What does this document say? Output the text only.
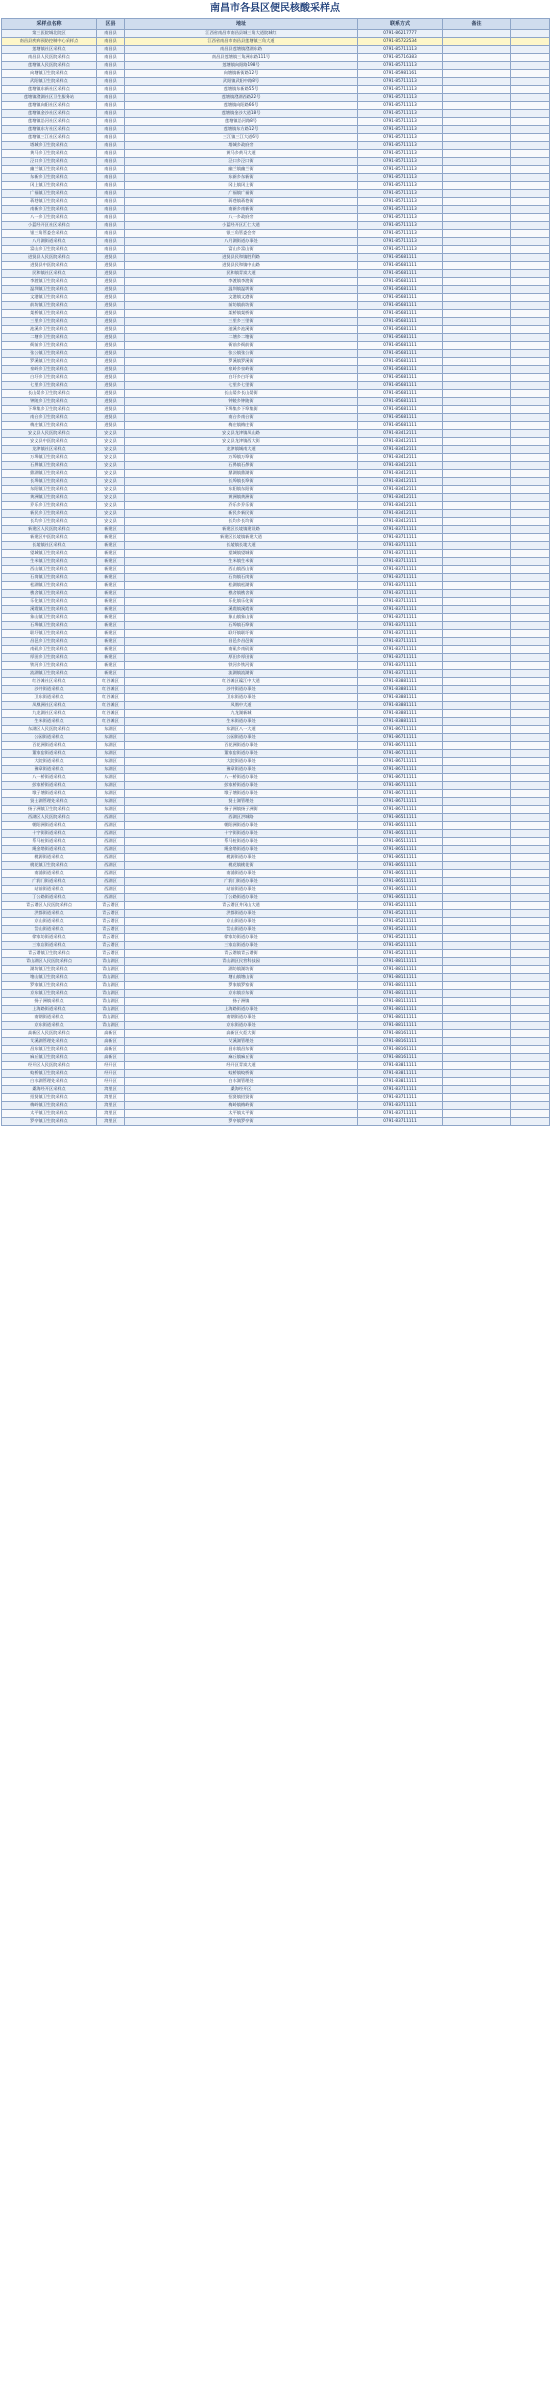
南昌市各县区便民核酸采样点
采样点名称	区县	地址	联系方式	备注	
第三医院城北院区	南昌县	江西省南昌市南昌县城三角大道院城红	0791-86217777		
南昌县疾病预防控制中心采样点	南昌县	江西省南昌市南昌县莲塘镇三角大道	0791-85722534		
莲塘镇社区采样点	南昌县	南昌县莲塘镇澄湖东路	0791-85711113		
南昌县人民医院采样点	南昌县	南昌县莲塘镇三角洲东路111号	0791-85716383		
莲塘镇人民医院采样点	南昌县	莲塘镇向阳路198号	0791-85711113		
向塘镇卫生院采样点	南昌县	向塘镇新街路12号	0791-85981161		
武阳镇卫生院采样点	南昌县	武阳镇武阳中路8号	0791-85711113		
莲塘镇东新社区采样点	南昌县	莲塘镇东新路55号	0791-85711113		
莲塘镇澄湖社区卫生服务站	南昌县	莲塘镇澄湖西路22号	0791-85711113		
莲塘镇向阳社区采样点	南昌县	莲塘镇向阳路66号	0791-85711113		
莲塘镇金沙社区采样点	南昌县	莲塘镇金沙大道18号	0791-85711113		
莲塘镇沿河社区采样点	南昌县	莲塘镇沿河路8号	0791-85711113		
莲塘镇东方社区采样点	南昌县	莲塘镇东方路12号	0791-85711113		
莲塘镇三江社区采样点	南昌县	三江镇三江大道6号	0791-85711113		
塔城乡卫生院采样点	南昌县	塔城乡政府旁	0791-85711113		
黄马乡卫生院采样点	南昌县	黄马乡黄马大道	0791-85711113		
泾口乡卫生院采样点	南昌县	泾口乡泾口街	0791-85711113		
幽兰镇卫生院采样点	南昌县	幽兰镇幽兰街	0791-85711113		
东新乡卫生院采样点	南昌县	东新乡东新街	0791-85711113		
冈上镇卫生院采样点	南昌县	冈上镇冈上街	0791-85711113		
广福镇卫生院采样点	南昌县	广福镇广福街	0791-85711113		
蒋巷镇卫生院采样点	南昌县	蒋巷镇蒋巷街	0791-85711113		
南新乡卫生院采样点	南昌县	南新乡南新街	0791-85711113		
八一乡卫生院采样点	南昌县	八一乡政府旁	0791-85711113		
小蓝经开区社区采样点	南昌县	小蓝经开区汇仁大道	0791-85711113		
银三角管委会采样点	南昌县	银三角管委会旁	0791-85711113		
八月湖街道采样点	南昌县	八月湖街道办事处	0791-85711113		
富山乡卫生院采样点	南昌县	富山乡富山街	0791-85711113		
进贤县人民医院采样点	进贤县	进贤县民和镇胜利路	0791-85681111		
进贤县中医院采样点	进贤县	进贤县民和镇中山路	0791-85681111		
民和镇社区采样点	进贤县	民和镇青岚大道	0791-85681111		
李渡镇卫生院采样点	进贤县	李渡镇李渡街	0791-85681111		
温圳镇卫生院采样点	进贤县	温圳镇温圳街	0791-85681111		
文港镇卫生院采样点	进贤县	文港镇文港街	0791-85681111		
前坊镇卫生院采样点	进贤县	前坊镇前坊街	0791-85681111		
架桥镇卫生院采样点	进贤县	架桥镇架桥街	0791-85681111		
三里乡卫生院采样点	进贤县	三里乡三里街	0791-85681111		
池溪乡卫生院采样点	进贤县	池溪乡池溪街	0791-85681111		
二塘乡卫生院采样点	进贤县	二塘乡二塘街	0791-85681111		
衙前乡卫生院采样点	进贤县	衙前乡衙前街	0791-85681111		
张公镇卫生院采样点	进贤县	张公镇张公街	0791-85681111		
罗溪镇卫生院采样点	进贤县	罗溪镇罗溪街	0791-85681111		
泉岭乡卫生院采样点	进贤县	泉岭乡泉岭街	0791-85681111		
白圩乡卫生院采样点	进贤县	白圩乡白圩街	0791-85681111		
七里乡卫生院采样点	进贤县	七里乡七里街	0791-85681111		
长山晏乡卫生院采样点	进贤县	长山晏乡长山晏街	0791-85681111		
钟陵乡卫生院采样点	进贤县	钟陵乡钟陵街	0791-85681111		
下埠集乡卫生院采样点	进贤县	下埠集乡下埠集街	0791-85681111		
南台乡卫生院采样点	进贤县	南台乡南台街	0791-85681111		
梅庄镇卫生院采样点	进贤县	梅庄镇梅庄街	0791-85681111		
安义县人民医院采样点	安义县	安义县龙津镇凤山路	0791-83412111		
安义县中医院采样点	安义县	安义县龙津镇西大街	0791-83412111		
龙津镇社区采样点	安义县	龙津镇城南大道	0791-83412111		
万埠镇卫生院采样点	安义县	万埠镇万埠街	0791-83412111		
石鼻镇卫生院采样点	安义县	石鼻镇石鼻街	0791-83412111		
鼎湖镇卫生院采样点	安义县	鼎湖镇鼎湖街	0791-83412111		
长埠镇卫生院采样点	安义县	长埠镇长埠街	0791-83412111		
东阳镇卫生院采样点	安义县	东阳镇东阳街	0791-83412111		
黄洲镇卫生院采样点	安义县	黄洲镇黄洲街	0791-83412111		
乔乐乡卫生院采样点	安义县	乔乐乡乔乐街	0791-83412111		
新民乡卫生院采样点	安义县	新民乡新民街	0791-83412111		
长均乡卫生院采样点	安义县	长均乡长均街	0791-83412111		
新建区人民医院采样点	新建区	新建区长堎镇建设路	0791-83711111		
新建区中医院采样点	新建区	新建区长堎镇新建大道	0791-83711111		
长堎镇社区采样点	新建区	长堎镇长堎大道	0791-83711111		
望城镇卫生院采样点	新建区	望城镇望城街	0791-83711111		
生米镇卫生院采样点	新建区	生米镇生米街	0791-83711111		
西山镇卫生院采样点	新建区	西山镇西山街	0791-83711111		
石岗镇卫生院采样点	新建区	石岗镇石岗街	0791-83711111		
松湖镇卫生院采样点	新建区	松湖镇松湖街	0791-83711111		
樵舍镇卫生院采样点	新建区	樵舍镇樵舍街	0791-83711111		
乐化镇卫生院采样点	新建区	乐化镇乐化街	0791-83711111		
溪霞镇卫生院采样点	新建区	溪霞镇溪霞街	0791-83711111		
象山镇卫生院采样点	新建区	象山镇象山街	0791-83711111		
石埠镇卫生院采样点	新建区	石埠镇石埠街	0791-83711111		
联圩镇卫生院采样点	新建区	联圩镇联圩街	0791-83711111		
昌邑乡卫生院采样点	新建区	昌邑乡昌邑街	0791-83711111		
南矶乡卫生院采样点	新建区	南矶乡南矶街	0791-83711111		
厚田乡卫生院采样点	新建区	厚田乡厚田街	0791-83711111		
铁河乡卫生院采样点	新建区	铁河乡铁河街	0791-83711111		
流湖镇卫生院采样点	新建区	流湖镇流湖街	0791-83711111		
红谷滩社区采样点	红谷滩区	红谷滩区赣江中大道	0791-83881111		
沙井街道采样点	红谷滩区	沙井街道办事处	0791-83881111		
卫东街道采样点	红谷滩区	卫东街道办事处	0791-83881111		
凤凰洲社区采样点	红谷滩区	凤凰中大道	0791-83881111		
九龙湖社区采样点	红谷滩区	九龙湖新城	0791-83881111		
生米街道采样点	红谷滩区	生米街道办事处	0791-83881111		
东湖区人民医院采样点	东湖区	东湖区八一大道	0791-86711111		
公园街道采样点	东湖区	公园街道办事处	0791-86711111		
百花洲街道采样点	东湖区	百花洲街道办事处	0791-86711111		
董家窑街道采样点	东湖区	董家窑街道办事处	0791-86711111		
大院街道采样点	东湖区	大院街道办事处	0791-86711111		
豫章街道采样点	东湖区	豫章街道办事处	0791-86711111		
八一桥街道采样点	东湖区	八一桥街道办事处	0791-86711111		
彭家桥街道采样点	东湖区	彭家桥街道办事处	0791-86711111		
墩子塘街道采样点	东湖区	墩子塘街道办事处	0791-86711111		
贤士湖管理处采样点	东湖区	贤士湖管理处	0791-86711111		
扬子洲镇卫生院采样点	东湖区	扬子洲镇扬子洲街	0791-86711111		
西湖区人民医院采样点	西湖区	西湖区洪城路	0791-86511111		
朝阳洲街道采样点	西湖区	朝阳洲街道办事处	0791-86511111		
十字街街道采样点	西湖区	十字街街道办事处	0791-86511111		
系马桩街道采样点	西湖区	系马桩街道办事处	0791-86511111		
绳金塔街道采样点	西湖区	绳金塔街道办事处	0791-86511111		
桃源街道采样点	西湖区	桃源街道办事处	0791-86511111		
桃花镇卫生院采样点	西湖区	桃花镇桃花街	0791-86511111		
南浦街道采样点	西湖区	南浦街道办事处	0791-86511111		
广润门街道采样点	西湖区	广润门街道办事处	0791-86511111		
站前街道采样点	西湖区	站前街道办事处	0791-86511111		
丁公路街道采样点	西湖区	丁公路街道办事处	0791-86511111		
青云谱区人民医院采样点	青云谱区	青云谱区井冈山大道	0791-85211111		
洪都街道采样点	青云谱区	洪都街道办事处	0791-85211111		
京山街道采样点	青云谱区	京山街道办事处	0791-85211111		
岱山街道采样点	青云谱区	岱山街道办事处	0791-85211111		
徐家坊街道采样点	青云谱区	徐家坊街道办事处	0791-85211111		
三家店街道采样点	青云谱区	三家店街道办事处	0791-85211111		
青云谱镇卫生院采样点	青云谱区	青云谱镇青云谱街	0791-85211111		
青山湖区人民医院采样点	青山湖区	青山湖区民营科技园	0791-88111111		
湖坊镇卫生院采样点	青山湖区	湖坊镇湖坊街	0791-88111111		
塘山镇卫生院采样点	青山湖区	塘山镇塘山街	0791-88111111		
罗家镇卫生院采样点	青山湖区	罗家镇罗家街	0791-88111111		
京东镇卫生院采样点	青山湖区	京东镇京东街	0791-88111111		
扬子洲镇采样点	青山湖区	扬子洲镇	0791-88111111		
上海路街道采样点	青山湖区	上海路街道办事处	0791-88111111		
南钢街道采样点	青山湖区	南钢街道办事处	0791-88111111		
京东街道采样点	青山湖区	京东街道办事处	0791-88111111		
高新区人民医院采样点	高新区	高新区火炬大街	0791-88161111		
艾溪湖管理处采样点	高新区	艾溪湖管理处	0791-88161111		
昌东镇卫生院采样点	高新区	昌东镇昌东街	0791-88161111		
麻丘镇卫生院采样点	高新区	麻丘镇麻丘街	0791-88161111		
经开区人民医院采样点	经开区	经开区青岚大道	0791-83811111		
蛟桥镇卫生院采样点	经开区	蛟桥镇蛟桥街	0791-83811111		
白水湖管理处采样点	经开区	白水湖管理处	0791-83811111		
桑海经开区采样点	湾里区	桑海经开区	0791-83711111		
招贤镇卫生院采样点	湾里区	招贤镇招贤街	0791-83711111		
梅岭镇卫生院采样点	湾里区	梅岭镇梅岭街	0791-83711111		
太平镇卫生院采样点	湾里区	太平镇太平街	0791-83711111		
罗亭镇卫生院采样点	湾里区	罗亭镇罗亭街	0791-83711111		
